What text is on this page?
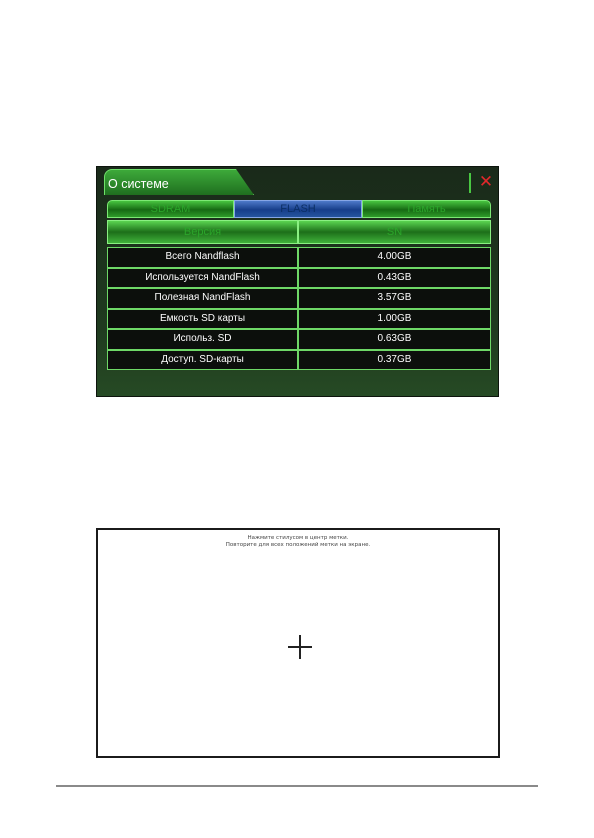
О системе	✕
SDRAM	FLASH	Память
Версия	SN
Всего Nandflash	4.00GB
Используется NandFlash	0.43GB
Полезная NandFlash	3.57GB
Емкость SD карты	1.00GB
Использ. SD	0.63GB
Доступ. SD-карты	0.37GB
Нажмите стилусом в центр метки.
Повторите для всех положений метки на экране.
